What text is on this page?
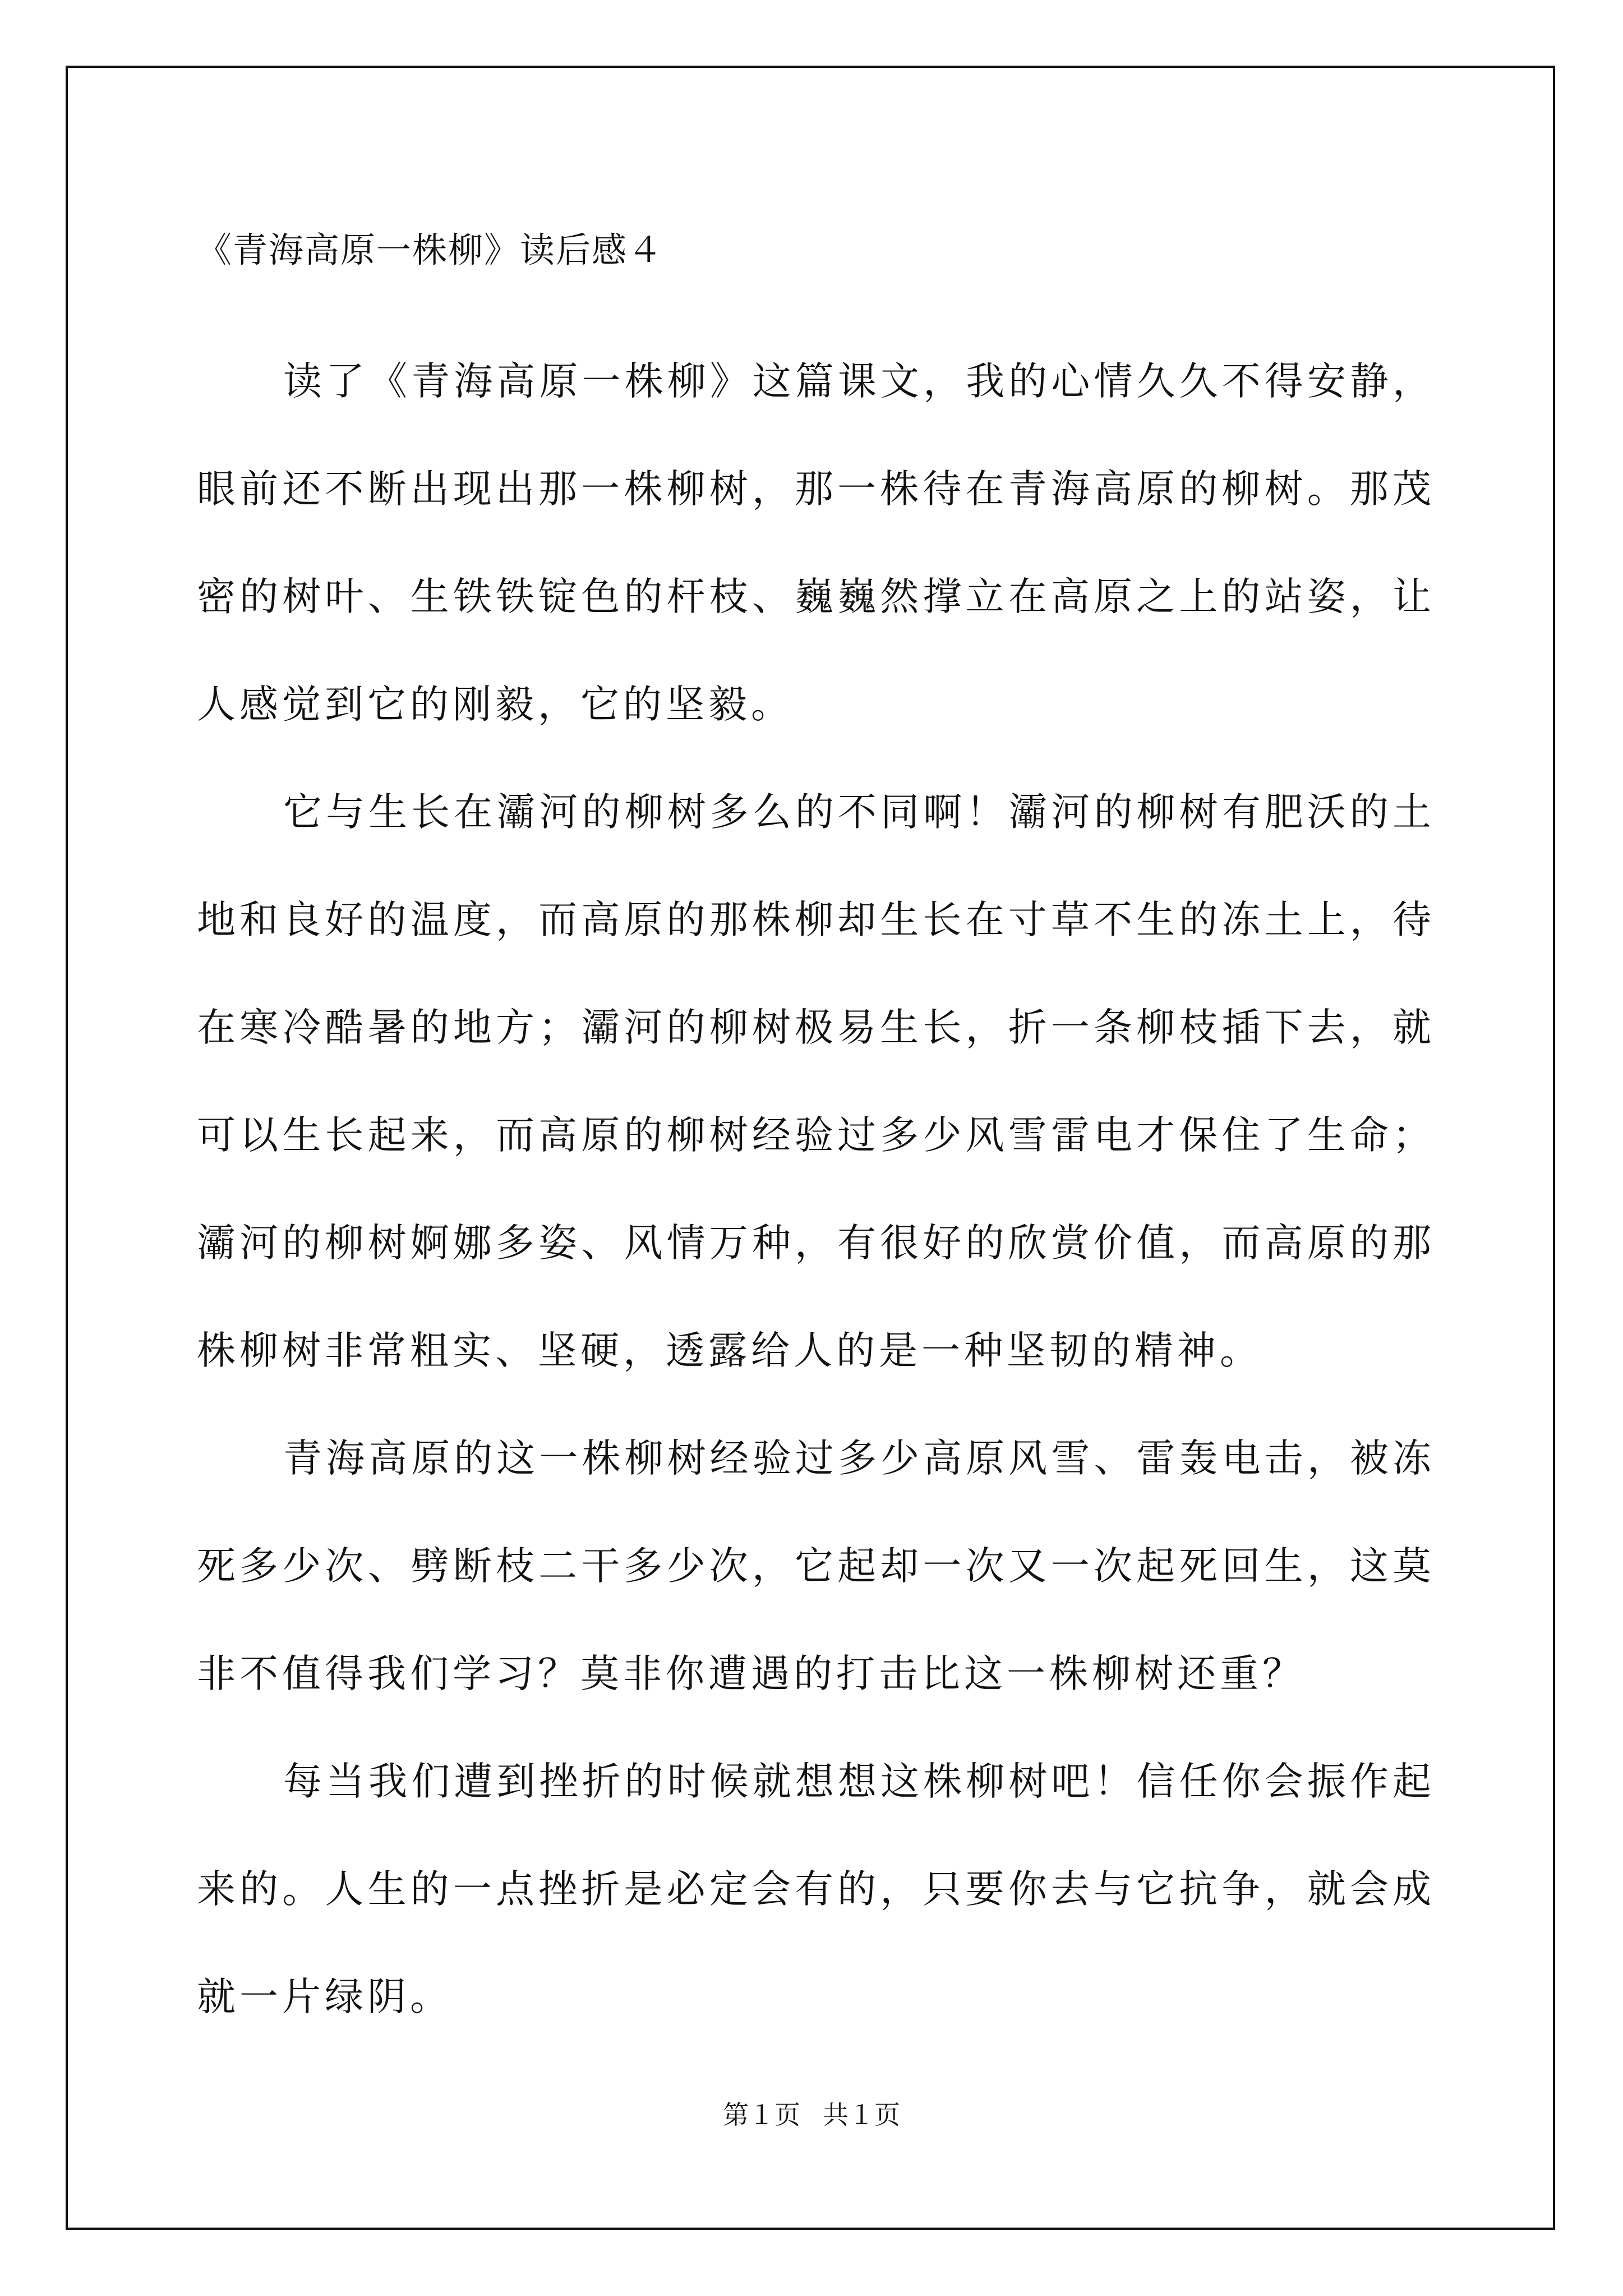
《青海高原一株柳》读后感４

读了《青海高原一株柳》这篇课文，我的心情久久不得安静，眼前还不断出现出那一株柳树，那一株待在青海高原的柳树。那茂密的树叶、生铁铁锭色的杆枝、巍巍然撑立在高原之上的站姿，让人感觉到它的刚毅，它的坚毅。

它与生长在灞河的柳树多么的不同啊！灞河的柳树有肥沃的土地和良好的温度，而高原的那株柳却生长在寸草不生的冻土上，待在寒冷酷暑的地方；灞河的柳树极易生长，折一条柳枝插下去，就可以生长起来，而高原的柳树经验过多少风雪雷电才保住了生命；灞河的柳树婀娜多姿、风情万种，有很好的欣赏价值，而高原的那株柳树非常粗实、坚硬，透露给人的是一种坚韧的精神。

青海高原的这一株柳树经验过多少高原风雪、雷轰电击，被冻死多少次、劈断枝二干多少次，它起却一次又一次起死回生，这莫非不值得我们学习？莫非你遭遇的打击比这一株柳树还重？

每当我们遭到挫折的时候就想想这株柳树吧！信任你会振作起来的。人生的一点挫折是必定会有的，只要你去与它抗争，就会成就一片绿阴。

第１页 共１页
